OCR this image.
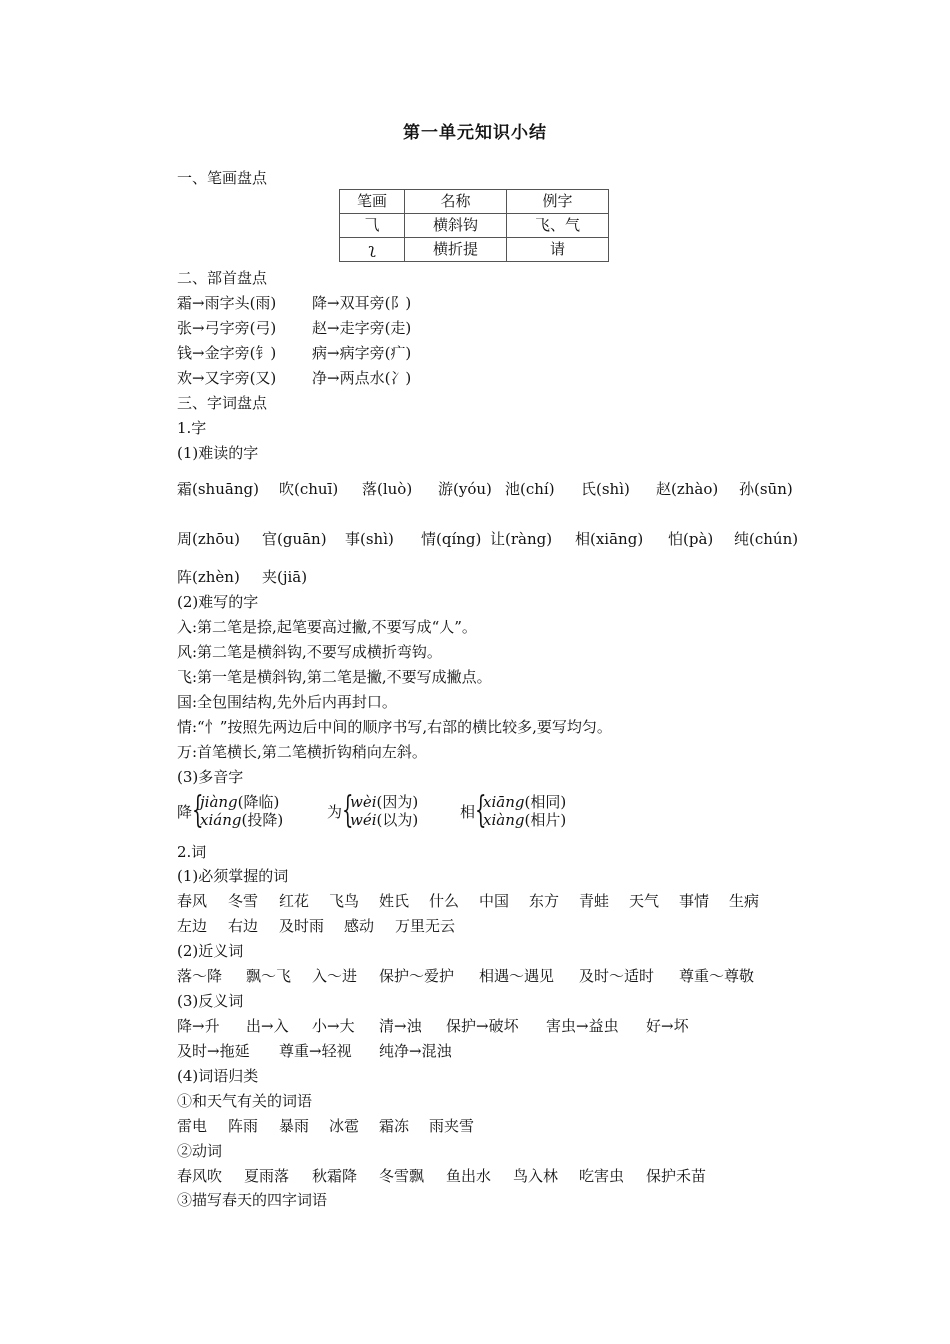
第一单元知识小结
一、笔画盘点
笔画	名称	例字
⺄	横斜钩	飞、气
ʅ	横折提	请
二、部首盘点
霜→雨字头(雨) 降→双耳旁(阝)
张→弓字旁(弓) 赵→走字旁(走)
钱→金字旁(钅) 病→病字旁(疒)
欢→又字旁(又) 净→两点水(冫)
三、字词盘点
1.字
(1)难读的字
霜(shuāng) 吹(chuī) 落(luò) 游(yóu) 池(chí) 氏(shì) 赵(zhào) 孙(sūn)
周(zhōu) 官(guān) 事(shì) 情(qíng) 让(ràng) 相(xiāng) 怕(pà) 纯(chún)
阵(zhèn) 夹(jiā)
(2)难写的字
入:第二笔是捺,起笔要高过撇,不要写成“人”。
风:第二笔是横斜钩,不要写成横折弯钩。
飞:第一笔是横斜钩,第二笔是撇,不要写成撇点。
国:全包围结构,先外后内再封口。
情:“忄”按照先两边后中间的顺序书写,右部的横比较多,要写均匀。
万:首笔横长,第二笔横折钩稍向左斜。
(3)多音字
降 {
jiàng(降临)
xiáng(投降)	为 {
wèi(因为)
wéi(以为)	相 {
xiāng(相同)
xiàng(相片)
2.词
(1)必须掌握的词
春风 冬雪 红花 飞鸟 姓氏 什么 中国 东方 青蛙 天气 事情 生病
左边 右边 及时雨 感动 万里无云
(2)近义词
落～降 飘～飞 入～进 保护～爱护 相遇～遇见 及时～适时 尊重～尊敬
(3)反义词
降→升 出→入 小→大 清→浊 保护→破坏 害虫→益虫 好→坏
及时→拖延 尊重→轻视 纯净→混浊
(4)词语归类
①和天气有关的词语
雷电 阵雨 暴雨 冰雹 霜冻 雨夹雪
②动词
春风吹 夏雨落 秋霜降 冬雪飘 鱼出水 鸟入林 吃害虫 保护禾苗
③描写春天的四字词语
